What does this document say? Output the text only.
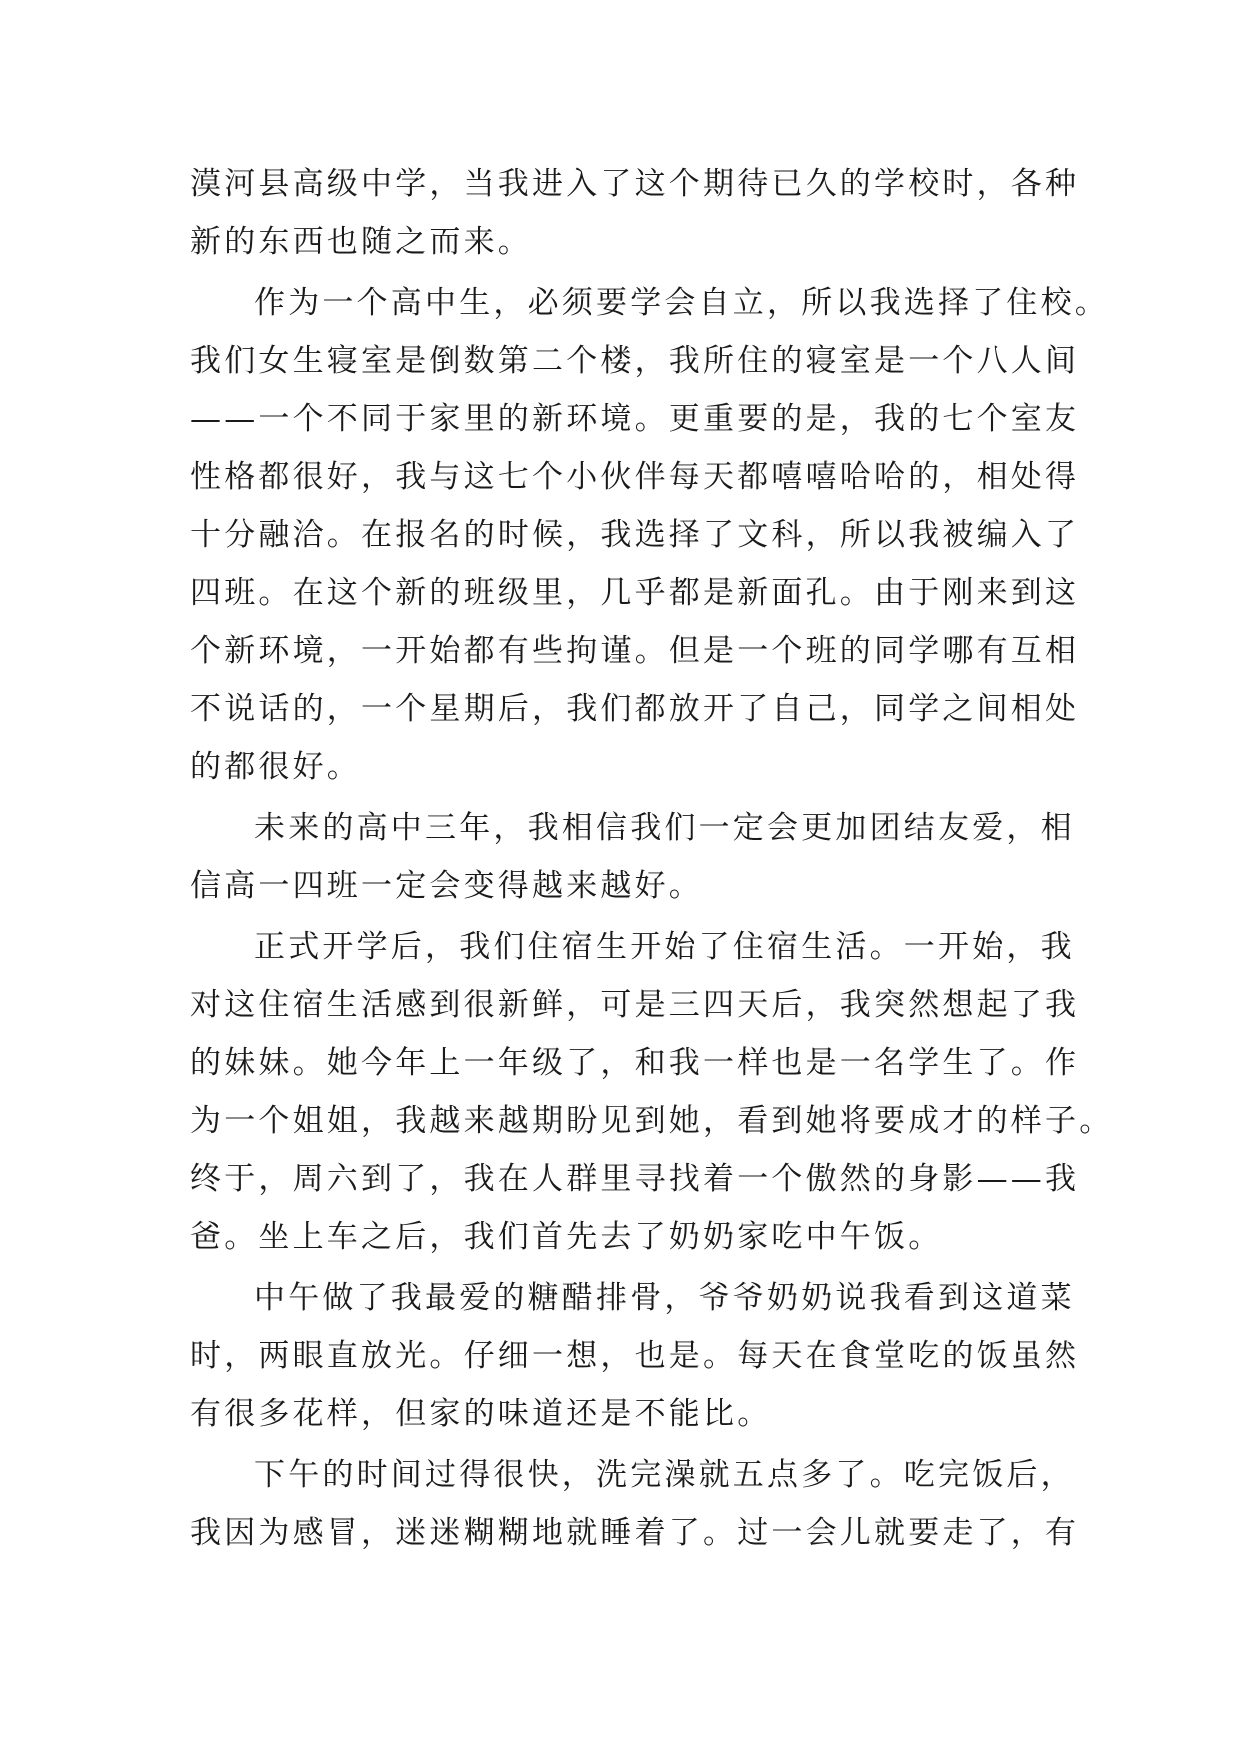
漠河县高级中学，当我进入了这个期待已久的学校时，各种
新的东西也随之而来。
作为一个高中生，必须要学会自立，所以我选择了住校。
我们女生寝室是倒数第二个楼，我所住的寝室是一个八人间
——一个不同于家里的新环境。更重要的是，我的七个室友
性格都很好，我与这七个小伙伴每天都嘻嘻哈哈的，相处得
十分融洽。在报名的时候，我选择了文科，所以我被编入了
四班。在这个新的班级里，几乎都是新面孔。由于刚来到这
个新环境，一开始都有些拘谨。但是一个班的同学哪有互相
不说话的，一个星期后，我们都放开了自己，同学之间相处
的都很好。
未来的高中三年，我相信我们一定会更加团结友爱，相
信高一四班一定会变得越来越好。
正式开学后，我们住宿生开始了住宿生活。一开始，我
对这住宿生活感到很新鲜，可是三四天后，我突然想起了我
的妹妹。她今年上一年级了，和我一样也是一名学生了。作
为一个姐姐，我越来越期盼见到她，看到她将要成才的样子。
终于，周六到了，我在人群里寻找着一个傲然的身影——我
爸。坐上车之后，我们首先去了奶奶家吃中午饭。
中午做了我最爱的糖醋排骨，爷爷奶奶说我看到这道菜
时，两眼直放光。仔细一想，也是。每天在食堂吃的饭虽然
有很多花样，但家的味道还是不能比。
下午的时间过得很快，洗完澡就五点多了。吃完饭后，
我因为感冒，迷迷糊糊地就睡着了。过一会儿就要走了，有
